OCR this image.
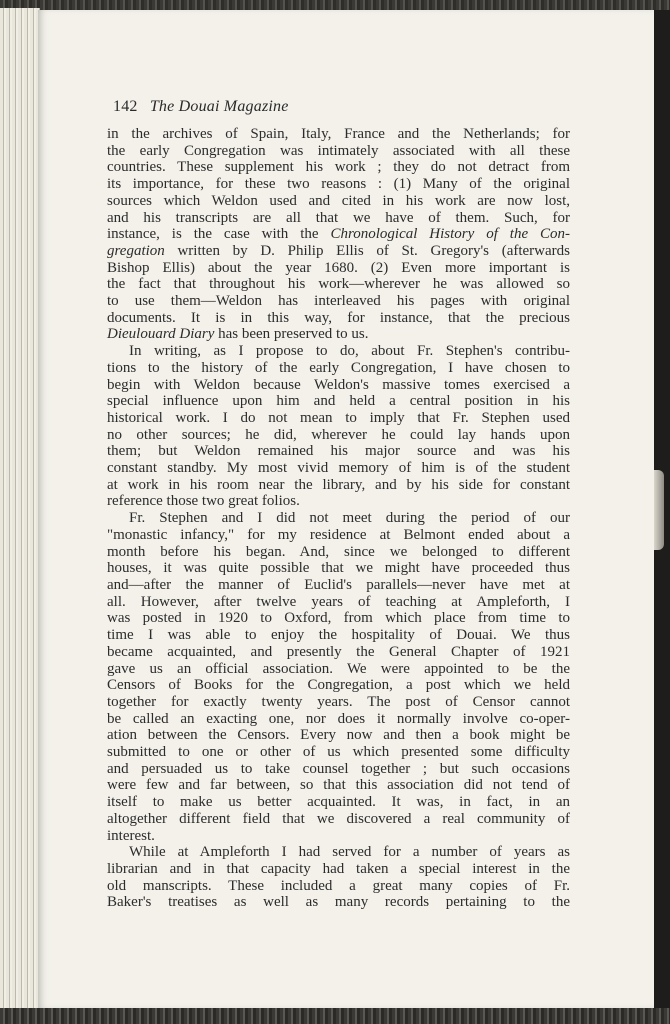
142 The Douai Magazine
in the archives of Spain, Italy, France and the Netherlands; for
the early Congregation was intimately associated with all these
countries. These supplement his work ; they do not detract from
its importance, for these two reasons : (1) Many of the original
sources which Weldon used and cited in his work are now lost,
and his transcripts are all that we have of them. Such, for
instance, is the case with the Chronological History of the Con-
gregation written by D. Philip Ellis of St. Gregory's (afterwards
Bishop Ellis) about the year 1680. (2) Even more important is
the fact that throughout his work—wherever he was allowed so
to use them—Weldon has interleaved his pages with original
documents. It is in this way, for instance, that the precious
Dieulouard Diary has been preserved to us.
In writing, as I propose to do, about Fr. Stephen's contribu-
tions to the history of the early Congregation, I have chosen to
begin with Weldon because Weldon's massive tomes exercised a
special influence upon him and held a central position in his
historical work. I do not mean to imply that Fr. Stephen used
no other sources; he did, wherever he could lay hands upon
them; but Weldon remained his major source and was his
constant standby. My most vivid memory of him is of the student
at work in his room near the library, and by his side for constant
reference those two great folios.
Fr. Stephen and I did not meet during the period of our
"monastic infancy," for my residence at Belmont ended about a
month before his began. And, since we belonged to different
houses, it was quite possible that we might have proceeded thus
and—after the manner of Euclid's parallels—never have met at
all. However, after twelve years of teaching at Ampleforth, I
was posted in 1920 to Oxford, from which place from time to
time I was able to enjoy the hospitality of Douai. We thus
became acquainted, and presently the General Chapter of 1921
gave us an official association. We were appointed to be the
Censors of Books for the Congregation, a post which we held
together for exactly twenty years. The post of Censor cannot
be called an exacting one, nor does it normally involve co-oper-
ation between the Censors. Every now and then a book might be
submitted to one or other of us which presented some difficulty
and persuaded us to take counsel together ; but such occasions
were few and far between, so that this association did not tend of
itself to make us better acquainted. It was, in fact, in an
altogether different field that we discovered a real community of
interest.
While at Ampleforth I had served for a number of years as
librarian and in that capacity had taken a special interest in the
old manscripts. These included a great many copies of Fr.
Baker's treatises as well as many records pertaining to the
